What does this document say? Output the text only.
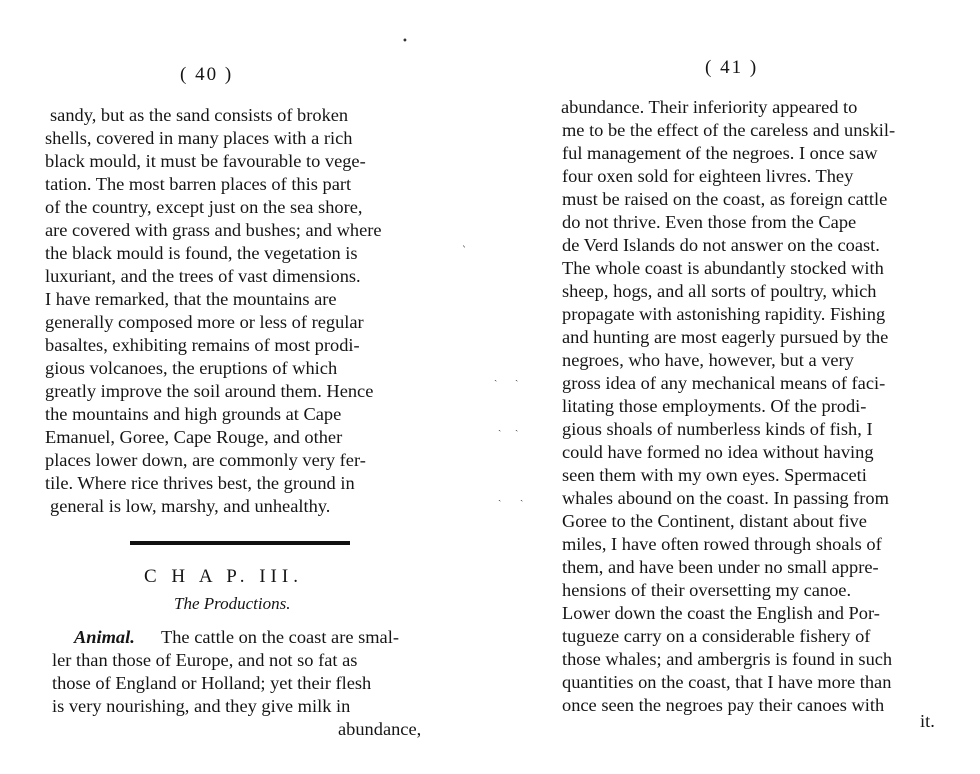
( 40 )
sandy, but as the sand consists of broken
shells, covered in many places with a rich
black mould, it must be favourable to vege-
tation. The most barren places of this part
of the country, except just on the sea shore,
are covered with grass and bushes; and where
the black mould is found, the vegetation is
luxuriant, and the trees of vast dimensions.
I have remarked, that the mountains are
generally composed more or less of regular
basaltes, exhibiting remains of most prodi-
gious volcanoes, the eruptions of which
greatly improve the soil around them. Hence
the mountains and high grounds at Cape
Emanuel, Goree, Cape Rouge, and other
places lower down, are commonly very fer-
tile. Where rice thrives best, the ground in
general is low, marshy, and unhealthy.
C H A P. III.
The Productions.
Animal. The cattle on the coast are smal-
ler than those of Europe, and not so fat as
those of England or Holland; yet their flesh
is very nourishing, and they give milk in
abundance,
( 41 )
abundance. Their inferiority appeared to
me to be the effect of the careless and unskil-
ful management of the negroes. I once saw
four oxen sold for eighteen livres. They
must be raised on the coast, as foreign cattle
do not thrive. Even those from the Cape
de Verd Islands do not answer on the coast.
The whole coast is abundantly stocked with
sheep, hogs, and all sorts of poultry, which
propagate with astonishing rapidity. Fishing
and hunting are most eagerly pursued by the
negroes, who have, however, but a very
gross idea of any mechanical means of faci-
litating those employments. Of the prodi-
gious shoals of numberless kinds of fish, I
could have formed no idea without having
seen them with my own eyes. Spermaceti
whales abound on the coast. In passing from
Goree to the Continent, distant about five
miles, I have often rowed through shoals of
them, and have been under no small appre-
hensions of their oversetting my canoe.
Lower down the coast the English and Por-
tugueze carry on a considerable fishery of
those whales; and ambergris is found in such
quantities on the coast, that I have more than
once seen the negroes pay their canoes with
it.
•
ˋ
ˎ ˏ
ˎ ˏ
ˎ ˏ
